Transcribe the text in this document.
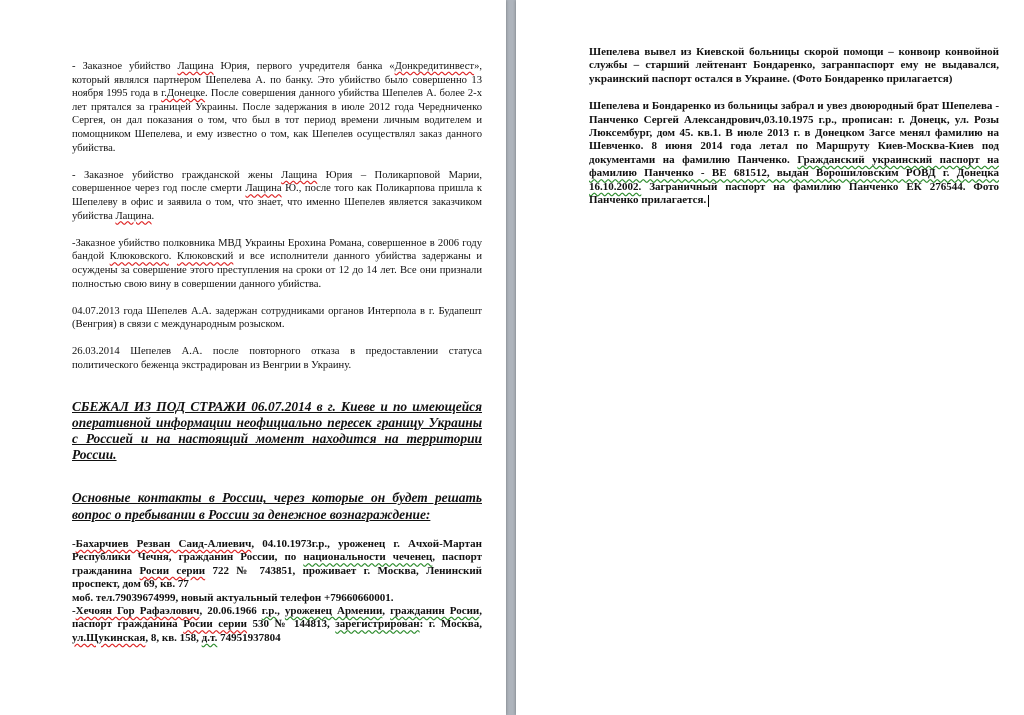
- Заказное убийство Лащина Юрия, первого учредителя банка «Донкредитинвест», который являлся партнером Шепелева А. по банку. Это убийство было совершенно 13 ноября 1995 года в г.Донецке. После совершения данного убийства Шепелев А. более 2-х лет прятался за границей Украины. После задержания в июле 2012 года Чередниченко Сергея, он дал показания о том, что был в тот период времени личным водителем и помощником Шепелева, и ему известно о том, как Шепелев осуществлял заказ данного убийства.

- Заказное убийство гражданской жены Лащина Юрия – Поликарповой Марии, совершенное через год после смерти Лащина Ю., после того как Поликарпова пришла к Шепелеву в офис и заявила о том, что знает, что именно Шепелев является заказчиком убийства Лащина.

-Заказное убийство полковника МВД Украины Ерохина Романа, совершенное в 2006 году бандой Клюковского. Клюковский и все исполнители данного убийства задержаны и осуждены за совершение этого преступления на сроки от 12 до 14 лет. Все они признали полностью свою вину в совершении данного убийства.

04.07.2013 года Шепелев А.А. задержан сотрудниками органов Интерпола в г. Будапешт (Венгрия) в связи с международным розыском.

26.03.2014 Шепелев А.А. после повторного отказа в предоставлении статуса политического беженца экстрадирован из Венгрии в Украину.

СБЕЖАЛ ИЗ ПОД СТРАЖИ 06.07.2014 в г. Киеве и по имеющейся оперативной информации неофициально пересек границу Украины с Россией и на настоящий момент находится на территории России.

Основные контакты в России, через которые он будет решать вопрос о пребывании в России за денежное вознаграждение:

-Бахарчиев Резван Саид-Алиевич, 04.10.1973г.р., уроженец г. Ачхой-Мартан Республики Чечня, гражданин России, по национальности чеченец, паспорт гражданина Росии серии 722 № 743851, проживает г. Москва, Ленинский проспект, дом 69, кв. 77
моб. тел.79039674999, новый актуальный телефон +79660660001.

-Хечоян Гор Рафаэлович, 20.06.1966 г.р., уроженец Армении, гражданин Росии, паспорт гражданина Росии серии 530 № 144813, зарегистрирован: г. Москва, ул.Щукинская, 8, кв. 158, д.т. 74951937804

Шепелева вывел из Киевской больницы скорой помощи – конвоир конвойной службы – старший лейтенант Бондаренко, загранпаспорт ему не выдавался, украинский паспорт остался в Украине. (Фото Бондаренко прилагается)

Шепелева и Бондаренко из больницы забрал и увез двоюродный брат Шепелева - Панченко Сергей Александрович,03.10.1975 г.р., прописан: г. Донецк, ул. Розы Люксембург, дом 45. кв.1. В июле 2013 г. в Донецком Загсе менял фамилию на Шевченко. 8 июня 2014 года летал по Маршруту Киев-Москва-Киев под документами на фамилию Панченко. Гражданский украинский паспорт на фамилию Панченко - ВЕ 681512, выдан Ворошиловским РОВД г. Донецка 16.10.2002. Заграничный паспорт на фамилию Панченко ЕК 276544. Фото Панченко прилагается.
